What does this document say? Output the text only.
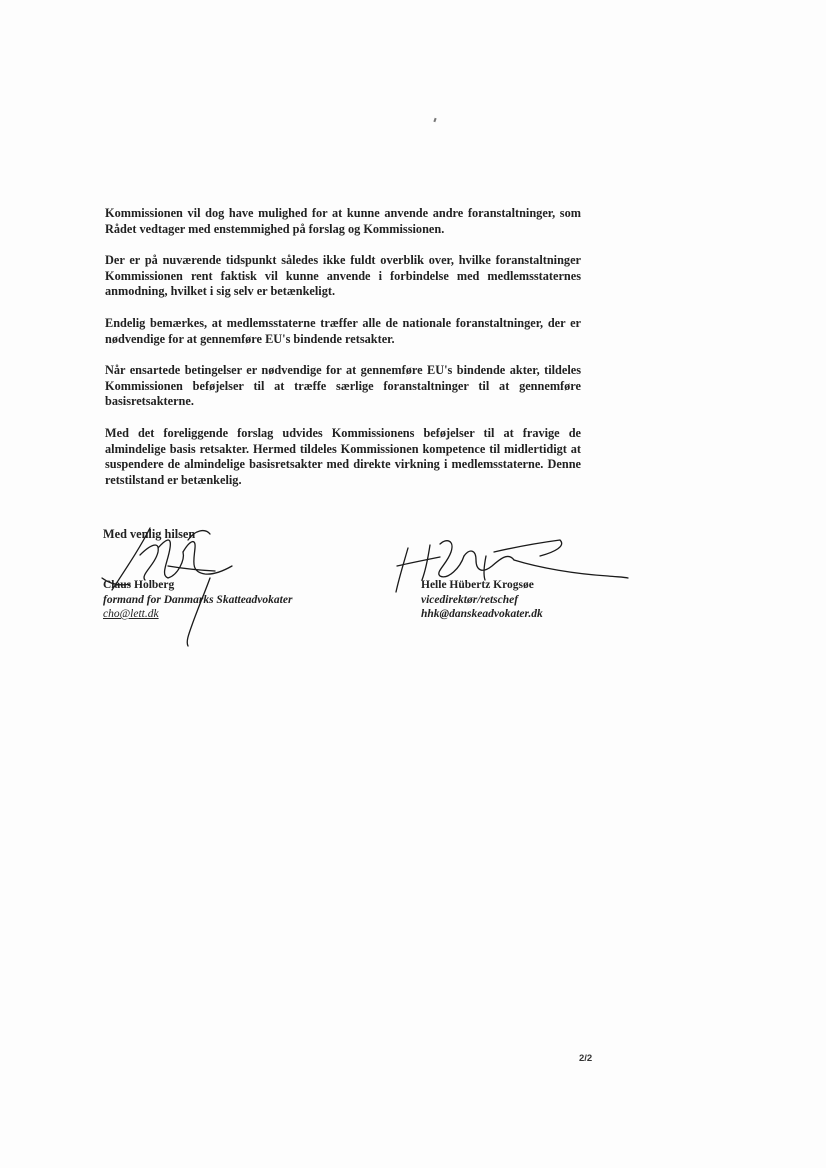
Kommissionen vil dog have mulighed for at kunne anvende andre foranstaltninger, som Rådet vedtager med enstemmighed på forslag og Kommissionen.

Der er på nuværende tidspunkt således ikke fuldt overblik over, hvilke foranstaltninger Kommissionen rent faktisk vil kunne anvende i forbindelse med medlemsstaternes anmodning, hvilket i sig selv er betænkeligt.

Endelig bemærkes, at medlemsstaterne træffer alle de nationale foranstaltninger, der er nødvendige for at gennemføre EU's bindende retsakter.

Når ensartede betingelser er nødvendige for at gennemføre EU's bindende akter, tildeles Kommissionen beføjelser til at træffe særlige foranstaltninger til at gennemføre basisretsakterne.

Med det foreliggende forslag udvides Kommissionens beføjelser til at fravige de almindelige basis retsakter. Hermed tildeles Kommissionen kompetence til midlertidigt at suspendere de almindelige basisretsakter med direkte virkning i medlemsstaterne. Denne retstilstand er betænkelig.

Med venlig hilsen
Claus Holberg
formand for Danmarks Skatteadvokater
cho@lett.dk
Helle Hübertz Krogsøe
vicedirektør/retschef
hhk@danskeadvokater.dk
2/2
